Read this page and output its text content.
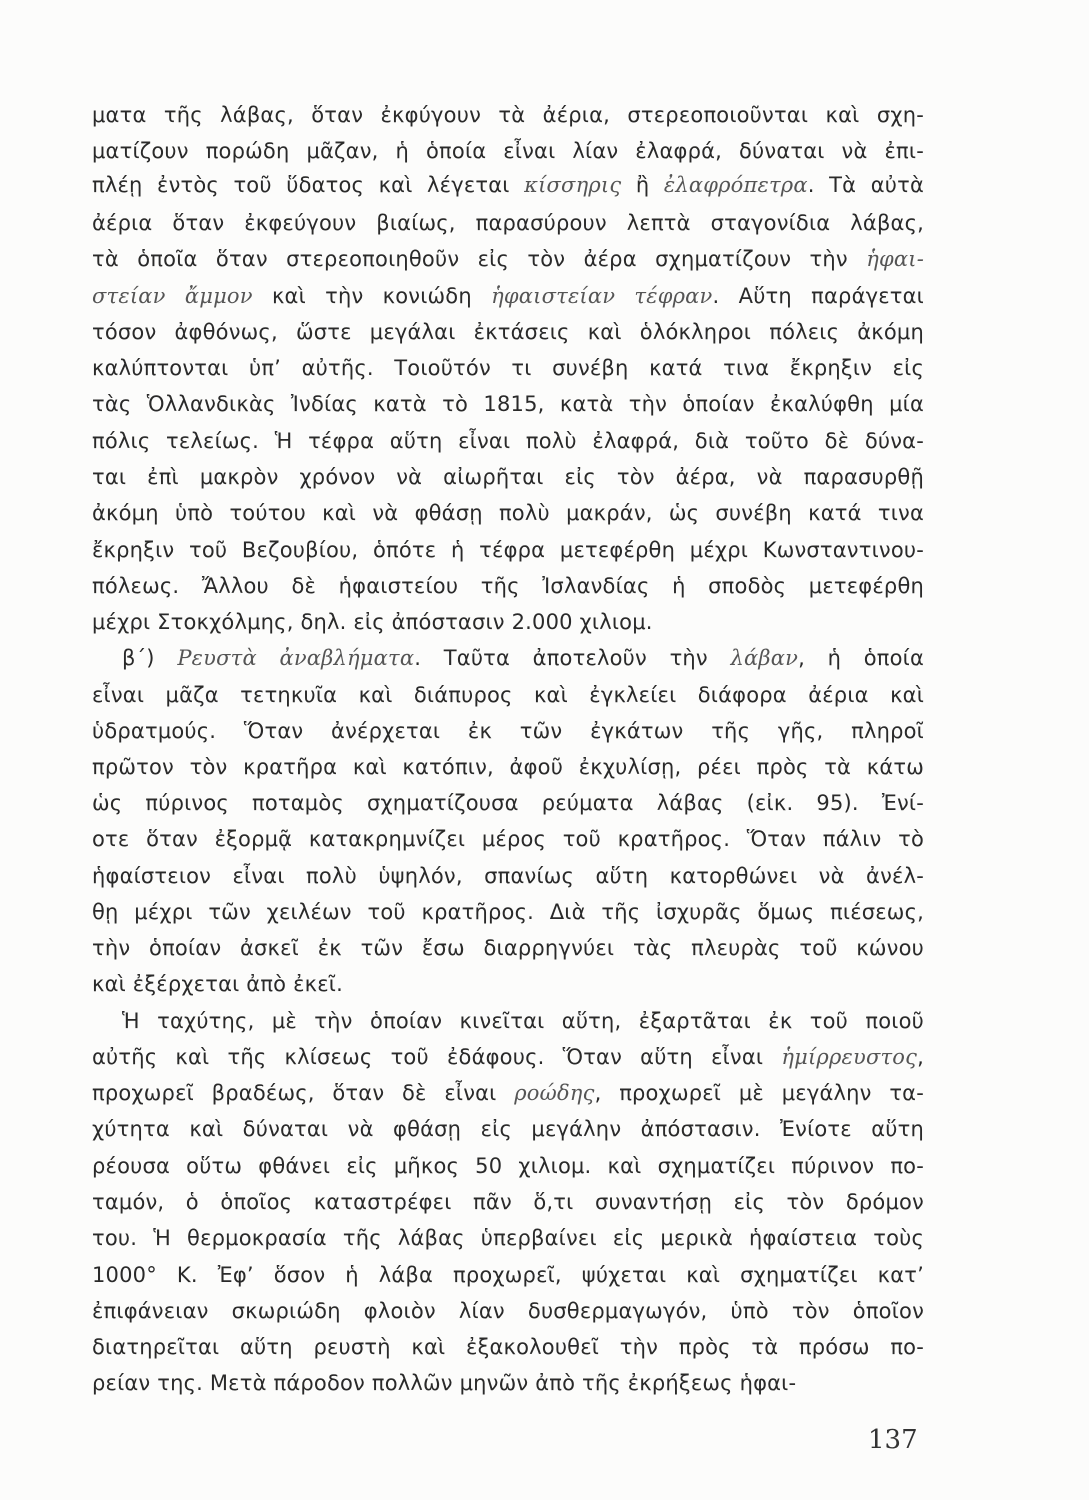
ματα τῆς λάβας, ὅταν ἐκφύγουν τὰ ἀέρια, στερεοποιοῦνται καὶ σχη-
ματίζουν πορώδη μᾶζαν, ἡ ὁποία εἶναι λίαν ἐλαφρά, δύναται νὰ ἐπι-
πλέῃ ἐντὸς τοῦ ὕδατος καὶ λέγεται κίσσηρις ἢ ἐλαφρόπετρα. Τὰ αὐτὰ
ἀέρια ὅταν ἐκφεύγουν βιαίως, παρασύρουν λεπτὰ σταγονίδια λάβας,
τὰ ὁποῖα ὅταν στερεοποιηθοῦν εἰς τὸν ἀέρα σχηματίζουν τὴν ἡφαι-
στείαν ἄμμον καὶ τὴν κονιώδη ἡφαιστείαν τέφραν. Αὕτη παράγεται
τόσον ἀφθόνως, ὥστε μεγάλαι ἐκτάσεις καὶ ὁλόκληροι πόλεις ἀκόμη
καλύπτονται ὑπ’ αὐτῆς. Τοιοῦτόν τι συνέβη κατά τινα ἔκρηξιν εἰς
τὰς Ὁλλανδικὰς Ἰνδίας κατὰ τὸ 1815, κατὰ τὴν ὁποίαν ἐκαλύφθη μία
πόλις τελείως. Ἡ τέφρα αὕτη εἶναι πολὺ ἐλαφρά, διὰ τοῦτο δὲ δύνα-
ται ἐπὶ μακρὸν χρόνον νὰ αἰωρῆται εἰς τὸν ἀέρα, νὰ παρασυρθῇ
ἀκόμη ὑπὸ τούτου καὶ νὰ φθάσῃ πολὺ μακράν, ὡς συνέβη κατά τινα
ἔκρηξιν τοῦ Βεζουβίου, ὁπότε ἡ τέφρα μετεφέρθη μέχρι Κωνσταντινου-
πόλεως. Ἄλλου δὲ ἡφαιστείου τῆς Ἰσλανδίας ἡ σποδὸς μετεφέρθη
μέχρι Στοκχόλμης, δηλ. εἰς ἀπόστασιν 2.000 χιλιομ.
β΄) Ρευστὰ ἀναβλήματα. Ταῦτα ἀποτελοῦν τὴν λάβαν, ἡ ὁποία
εἶναι μᾶζα τετηκυῖα καὶ διάπυρος καὶ ἐγκλείει διάφορα ἀέρια καὶ
ὑδρατμούς. Ὅταν ἀνέρχεται ἐκ τῶν ἐγκάτων τῆς γῆς, πληροῖ
πρῶτον τὸν κρατῆρα καὶ κατόπιν, ἀφοῦ ἐκχυλίσῃ, ρέει πρὸς τὰ κάτω
ὡς πύρινος ποταμὸς σχηματίζουσα ρεύματα λάβας (εἰκ. 95). Ἐνί-
οτε ὅταν ἐξορμᾷ κατακρημνίζει μέρος τοῦ κρατῆρος. Ὅταν πάλιν τὸ
ἡφαίστειον εἶναι πολὺ ὑψηλόν, σπανίως αὕτη κατορθώνει νὰ ἀνέλ-
θῃ μέχρι τῶν χειλέων τοῦ κρατῆρος. Διὰ τῆς ἰσχυρᾶς ὅμως πιέσεως,
τὴν ὁποίαν ἀσκεῖ ἐκ τῶν ἔσω διαρρηγνύει τὰς πλευρὰς τοῦ κώνου
καὶ ἐξέρχεται ἀπὸ ἐκεῖ.
Ἡ ταχύτης, μὲ τὴν ὁποίαν κινεῖται αὕτη, ἐξαρτᾶται ἐκ τοῦ ποιοῦ
αὐτῆς καὶ τῆς κλίσεως τοῦ ἐδάφους. Ὅταν αὕτη εἶναι ἡμίρρευστος,
προχωρεῖ βραδέως, ὅταν δὲ εἶναι ροώδης, προχωρεῖ μὲ μεγάλην τα-
χύτητα καὶ δύναται νὰ φθάσῃ εἰς μεγάλην ἀπόστασιν. Ἐνίοτε αὕτη
ρέουσα οὕτω φθάνει εἰς μῆκος 50 χιλιομ. καὶ σχηματίζει πύρινον πο-
ταμόν, ὁ ὁποῖος καταστρέφει πᾶν ὅ,τι συναντήσῃ εἰς τὸν δρόμον
του. Ἡ θερμοκρασία τῆς λάβας ὑπερβαίνει εἰς μερικὰ ἡφαίστεια τοὺς
1000° Κ. Ἐφ’ ὅσον ἡ λάβα προχωρεῖ, ψύχεται καὶ σχηματίζει κατ’
ἐπιφάνειαν σκωριώδη φλοιὸν λίαν δυσθερμαγωγόν, ὑπὸ τὸν ὁποῖον
διατηρεῖται αὕτη ρευστὴ καὶ ἐξακολουθεῖ τὴν πρὸς τὰ πρόσω πο-
ρείαν της. Μετὰ πάροδον πολλῶν μηνῶν ἀπὸ τῆς ἐκρήξεως ἡφαι-
137
